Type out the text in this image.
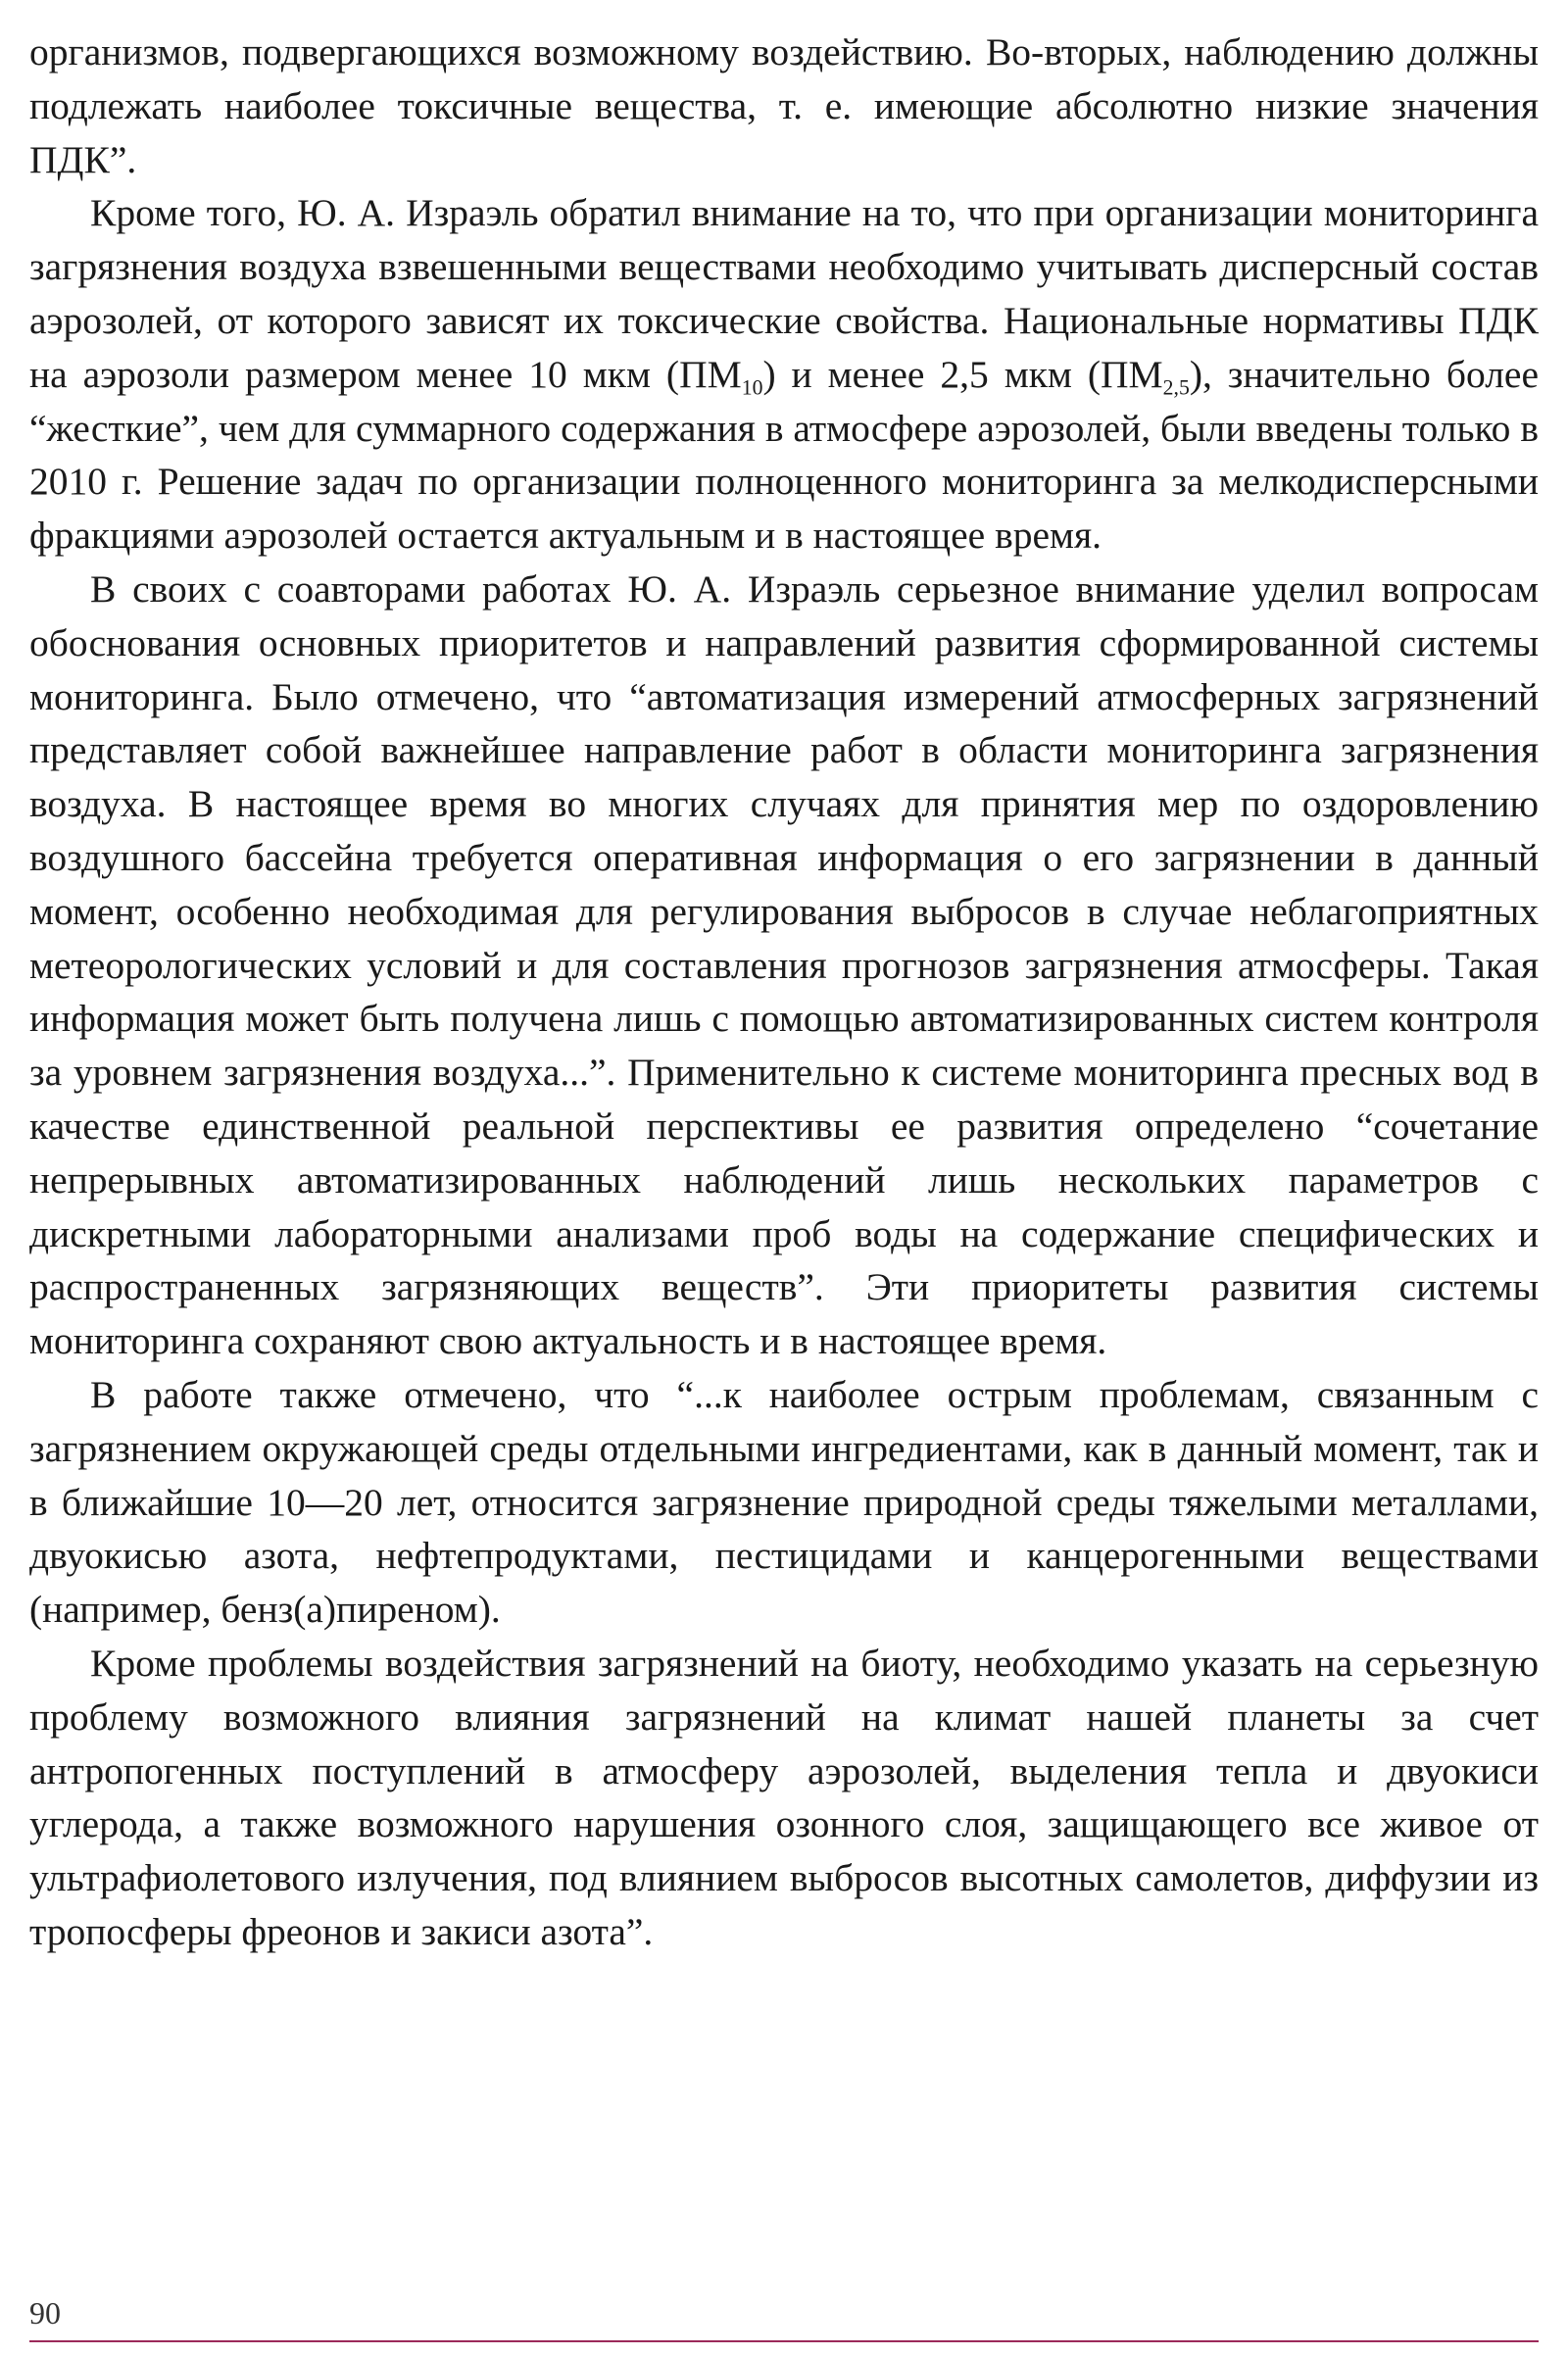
организмов, подвергающихся возможному воздействию. Во-вторых, наблюдению должны подлежать наиболее токсичные вещества, т. е. имеющие абсолютно низкие значения ПДК”.

Кроме того, Ю. А. Израэль обратил внимание на то, что при организации мониторинга загрязнения воздуха взвешенными веществами необходимо учитывать дисперсный состав аэрозолей, от которого зависят их токсические свойства. Национальные нормативы ПДК на аэрозоли размером менее 10 мкм $(ПМ_{10})$ и менее 2,5 мкм $(ПМ_{2,5})$, значительно более “жесткие”, чем для суммарного содержания в атмосфере аэрозолей, были введены только в 2010 г. Решение задач по организации полноценного мониторинга за мелкодисперсными фракциями аэрозолей остается актуальным и в настоящее время.

В своих с соавторами работах Ю. А. Израэль серьезное внимание уделил вопросам обоснования основных приоритетов и направлений развития сформированной системы мониторинга. Было отмечено, что “автоматизация измерений атмосферных загрязнений представляет собой важнейшее направление работ в области мониторинга загрязнения воздуха. В настоящее время во многих случаях для принятия мер по оздоровлению воздушного бассейна требуется оперативная информация о его загрязнении в данный момент, особенно необходимая для регулирования выбросов в случае неблагоприятных метеорологических условий и для составления прогнозов загрязнения атмосферы. Такая информация может быть получена лишь с помощью автоматизированных систем контроля за уровнем загрязнения воздуха...”. Применительно к системе мониторинга пресных вод в качестве единственной реальной перспективы ее развития определено “сочетание непрерывных автоматизированных наблюдений лишь нескольких параметров с дискретными лабораторными анализами проб воды на содержание специфических и распространенных загрязняющих веществ”. Эти приоритеты развития системы мониторинга сохраняют свою актуальность и в настоящее время.

В работе также отмечено, что “...к наиболее острым проблемам, связанным с загрязнением окружающей среды отдельными ингредиентами, как в данный момент, так и в ближайшие 10—20 лет, относится загрязнение природной среды тяжелыми металлами, двуокисью азота, нефтепродуктами, пестицидами и канцерогенными веществами (например, бенз(а)пиреном).

Кроме проблемы воздействия загрязнений на биоту, необходимо указать на серьезную проблему возможного влияния загрязнений на климат нашей планеты за счет антропогенных поступлений в атмосферу аэрозолей, выделения тепла и двуокиси углерода, а также возможного нарушения озонного слоя, защищающего все живое от ультрафиолетового излучения, под влиянием выбросов высотных самолетов, диффузии из тропосферы фреонов и закиси азота”.

90
